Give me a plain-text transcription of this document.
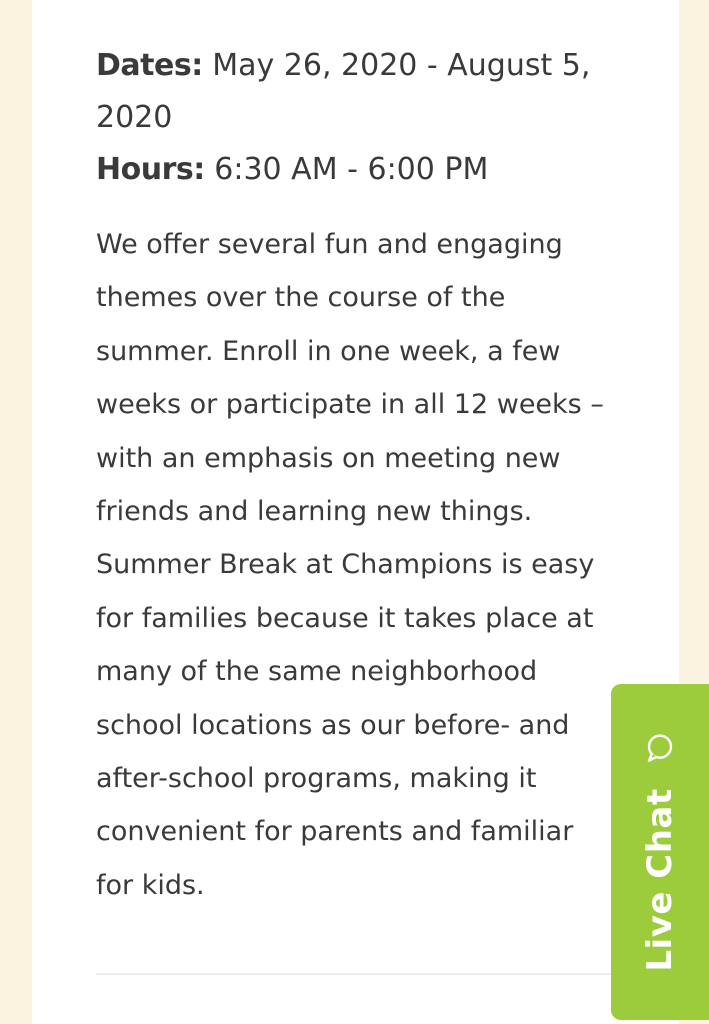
Dates: May 26, 2020 - August 5, 2020

Hours: 6:30 AM - 6:00 PM

We offer several fun and engaging themes over the course of the summer. Enroll in one week, a few weeks or participate in all 12 weeks – with an emphasis on meeting new friends and learning new things. Summer Break at Champions is easy for families because it takes place at many of the same neighborhood school locations as our before- and after-school programs, making it convenient for parents and familiar for kids.	Live Chat
